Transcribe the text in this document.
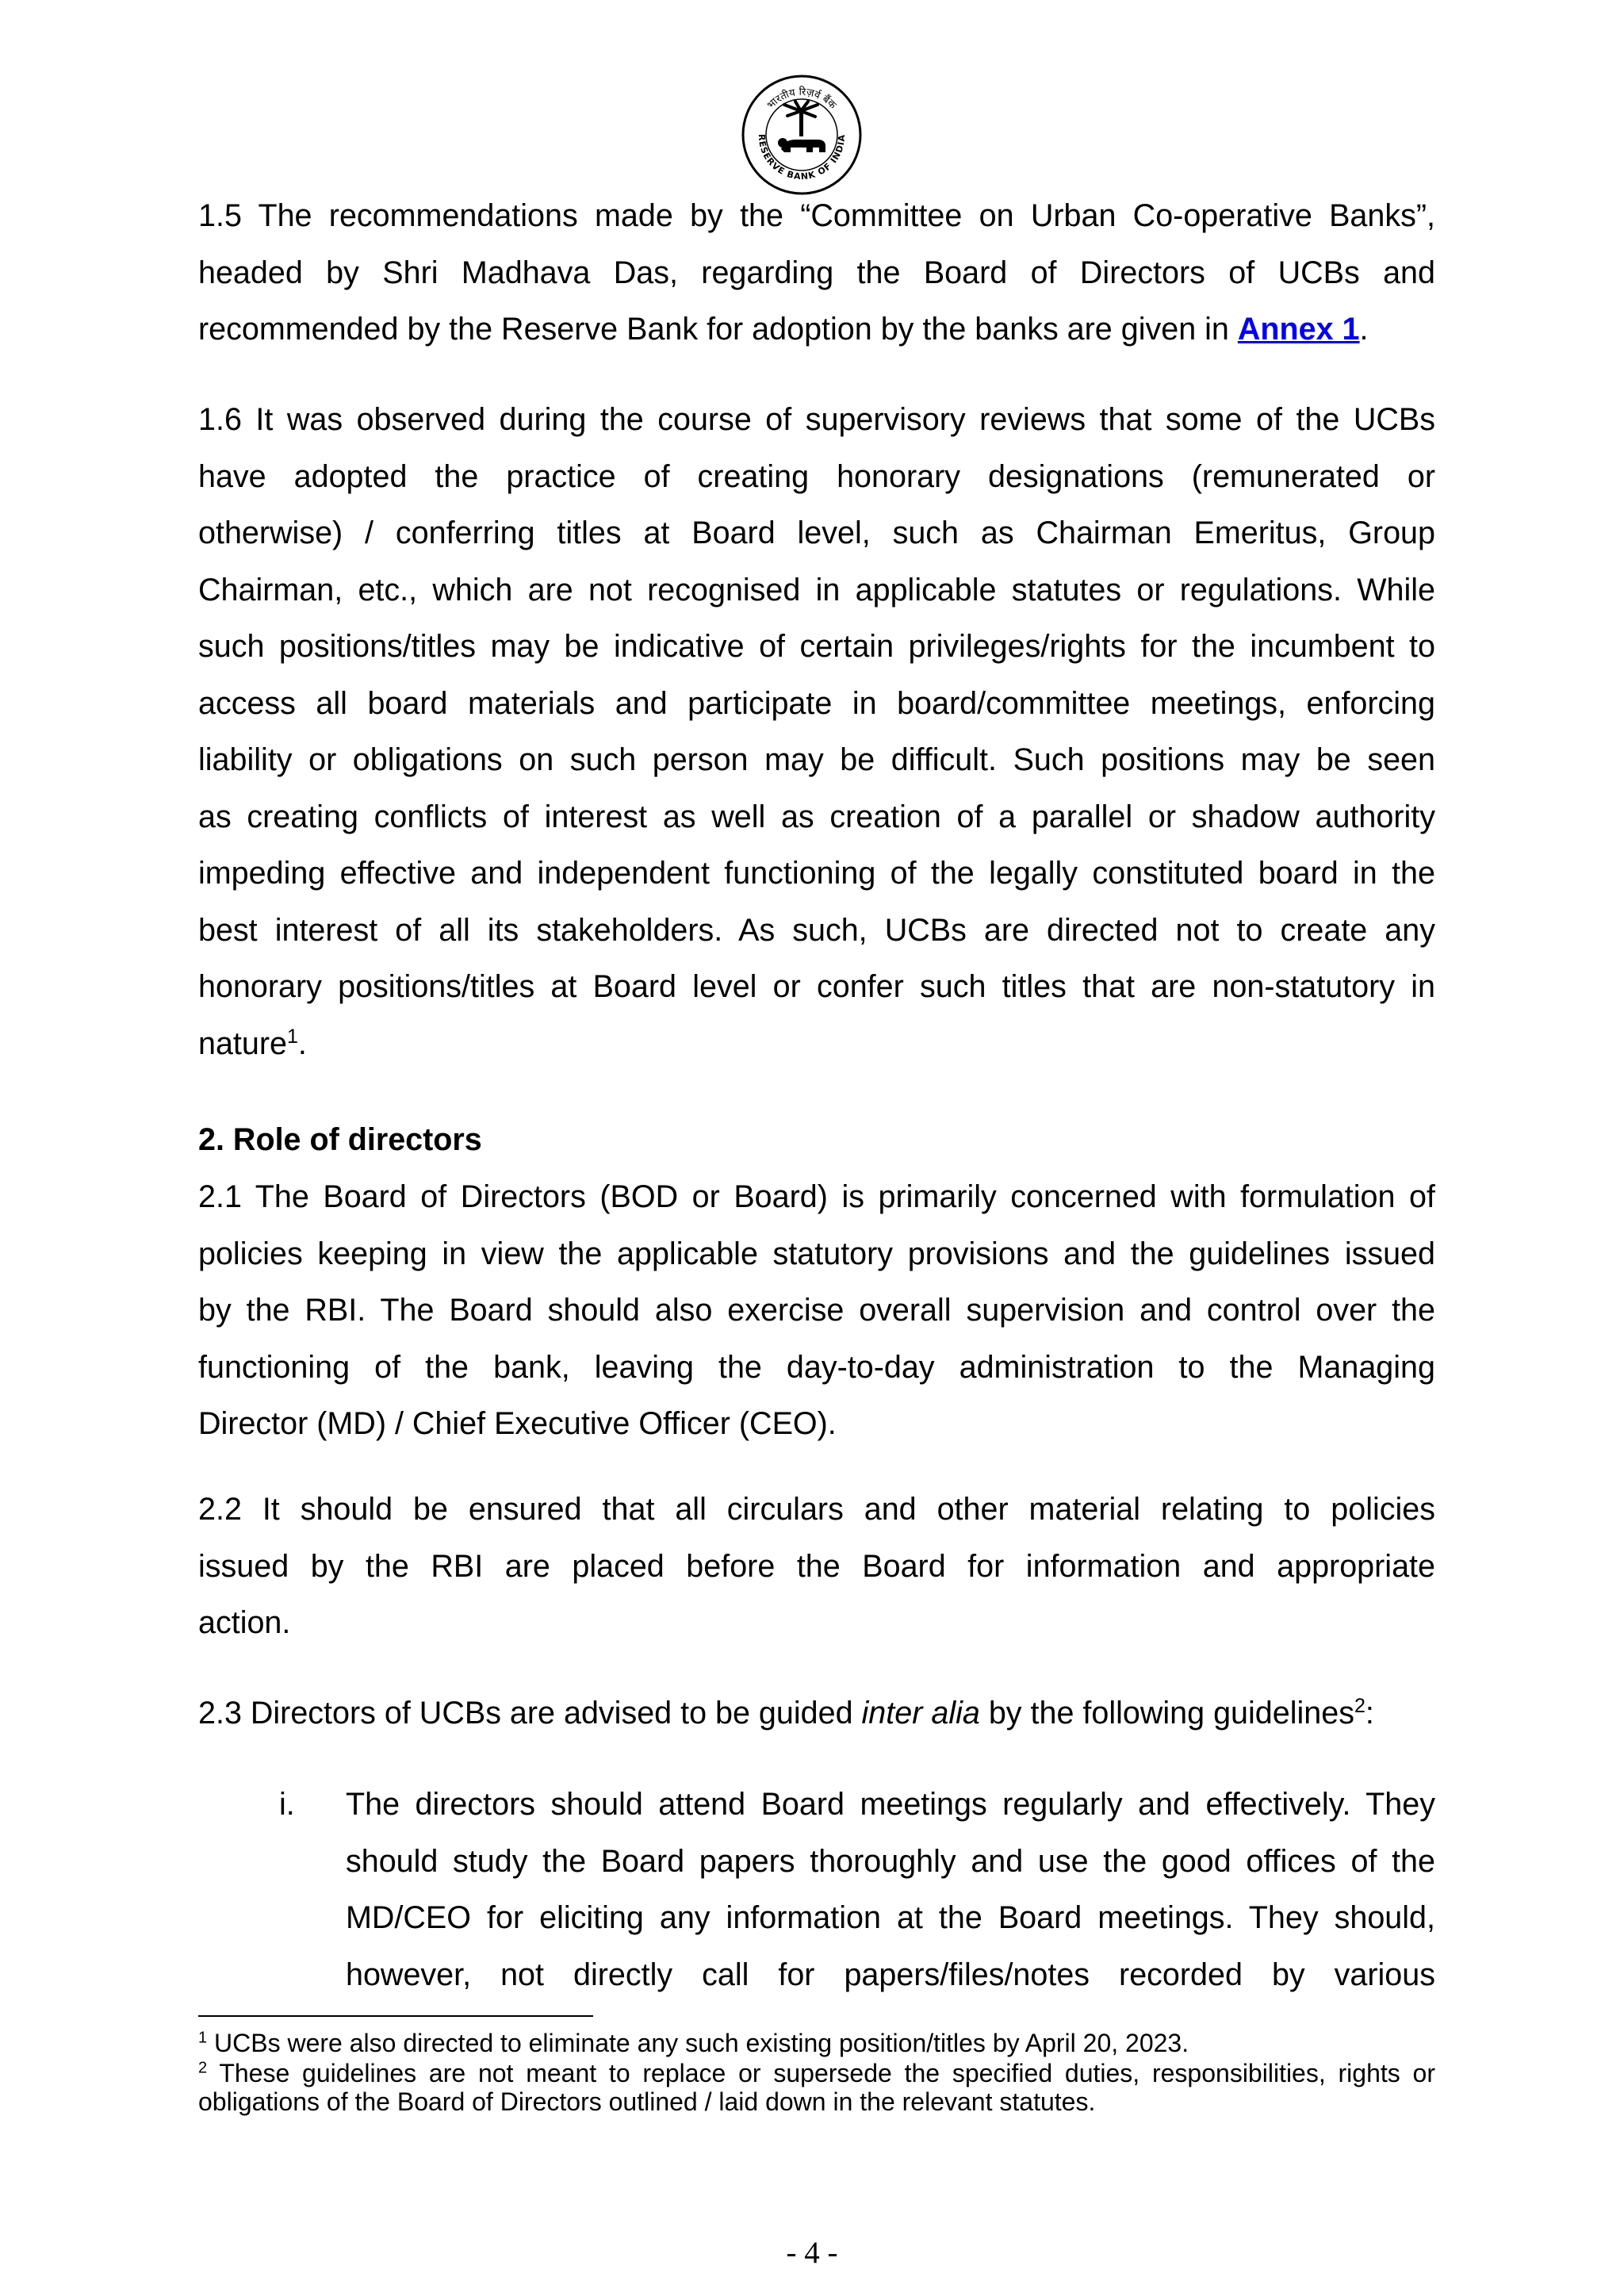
भारतीय रिज़र्व बैंक
RESERVE BANK OF INDIA
1.5 The recommendations made by the “Committee on Urban Co-operative Banks”,
headed by Shri Madhava Das, regarding the Board of Directors of UCBs and
recommended by the Reserve Bank for adoption by the banks are given in Annex 1.
1.6 It was observed during the course of supervisory reviews that some of the UCBs
have adopted the practice of creating honorary designations (remunerated or
otherwise) / conferring titles at Board level, such as Chairman Emeritus, Group
Chairman, etc., which are not recognised in applicable statutes or regulations. While
such positions/titles may be indicative of certain privileges/rights for the incumbent to
access all board materials and participate in board/committee meetings, enforcing
liability or obligations on such person may be difficult. Such positions may be seen
as creating conflicts of interest as well as creation of a parallel or shadow authority
impeding effective and independent functioning of the legally constituted board in the
best interest of all its stakeholders. As such, UCBs are directed not to create any
honorary positions/titles at Board level or confer such titles that are non-statutory in
nature$^1$.
2. Role of directors
2.1 The Board of Directors (BOD or Board) is primarily concerned with formulation of
policies keeping in view the applicable statutory provisions and the guidelines issued
by the RBI. The Board should also exercise overall supervision and control over the
functioning of the bank, leaving the day-to-day administration to the Managing
Director (MD) / Chief Executive Officer (CEO).
2.2 It should be ensured that all circulars and other material relating to policies
issued by the RBI are placed before the Board for information and appropriate
action.
2.3 Directors of UCBs are advised to be guided inter alia by the following guidelines$^2$:
i. The directors should attend Board meetings regularly and effectively. They
should study the Board papers thoroughly and use the good offices of the
MD/CEO for eliciting any information at the Board meetings. They should,
however, not directly call for papers/files/notes recorded by various

$^1$ UCBs were also directed to eliminate any such existing position/titles by April 20, 2023.

$^2$ These guidelines are not meant to replace or supersede the specified duties, responsibilities, rights or obligations of the Board of Directors outlined / laid down in the relevant statutes.

- 4 -
